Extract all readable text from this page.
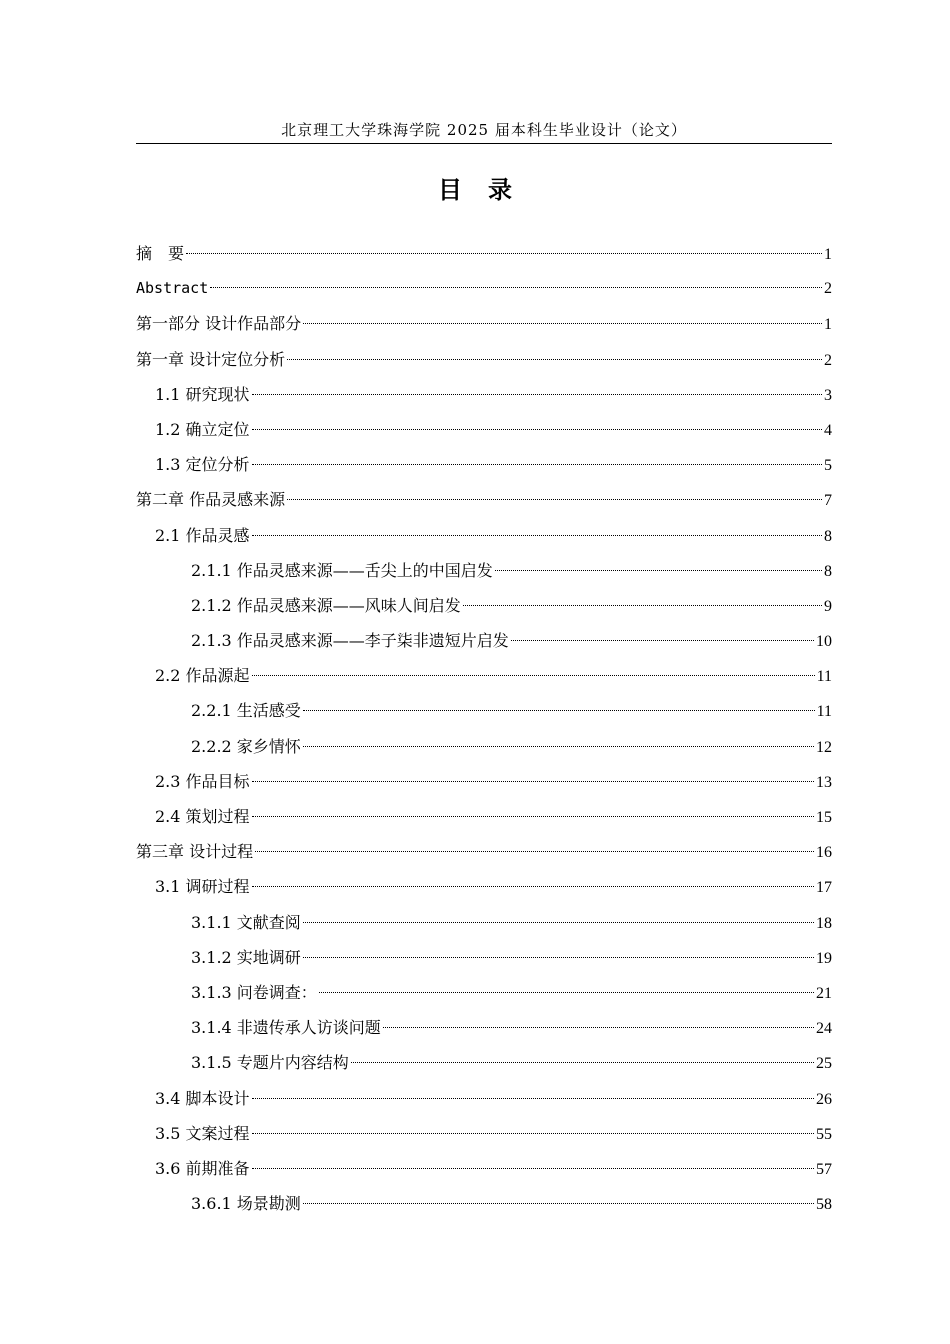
北京理工大学珠海学院 2025 届本科生毕业设计（论文）
目 录
摘　要	1
Abstract	2
第一部分 设计作品部分	1
第一章 设计定位分析	2
1.1 研究现状	3
1.2 确立定位	4
1.3 定位分析	5
第二章 作品灵感来源	7
2.1 作品灵感	8
2.1.1 作品灵感来源——舌尖上的中国启发	8
2.1.2 作品灵感来源——风味人间启发	9
2.1.3 作品灵感来源——李子柒非遗短片启发	10
2.2 作品源起	11
2.2.1 生活感受	11
2.2.2 家乡情怀	12
2.3 作品目标	13
2.4 策划过程	15
第三章 设计过程	16
3.1 调研过程	17
3.1.1 文献查阅	18
3.1.2 实地调研	19
3.1.3 问卷调查：	21
3.1.4 非遗传承人访谈问题	24
3.1.5 专题片内容结构	25
3.4 脚本设计	26
3.5 文案过程	55
3.6 前期准备	57
3.6.1 场景勘测	58
